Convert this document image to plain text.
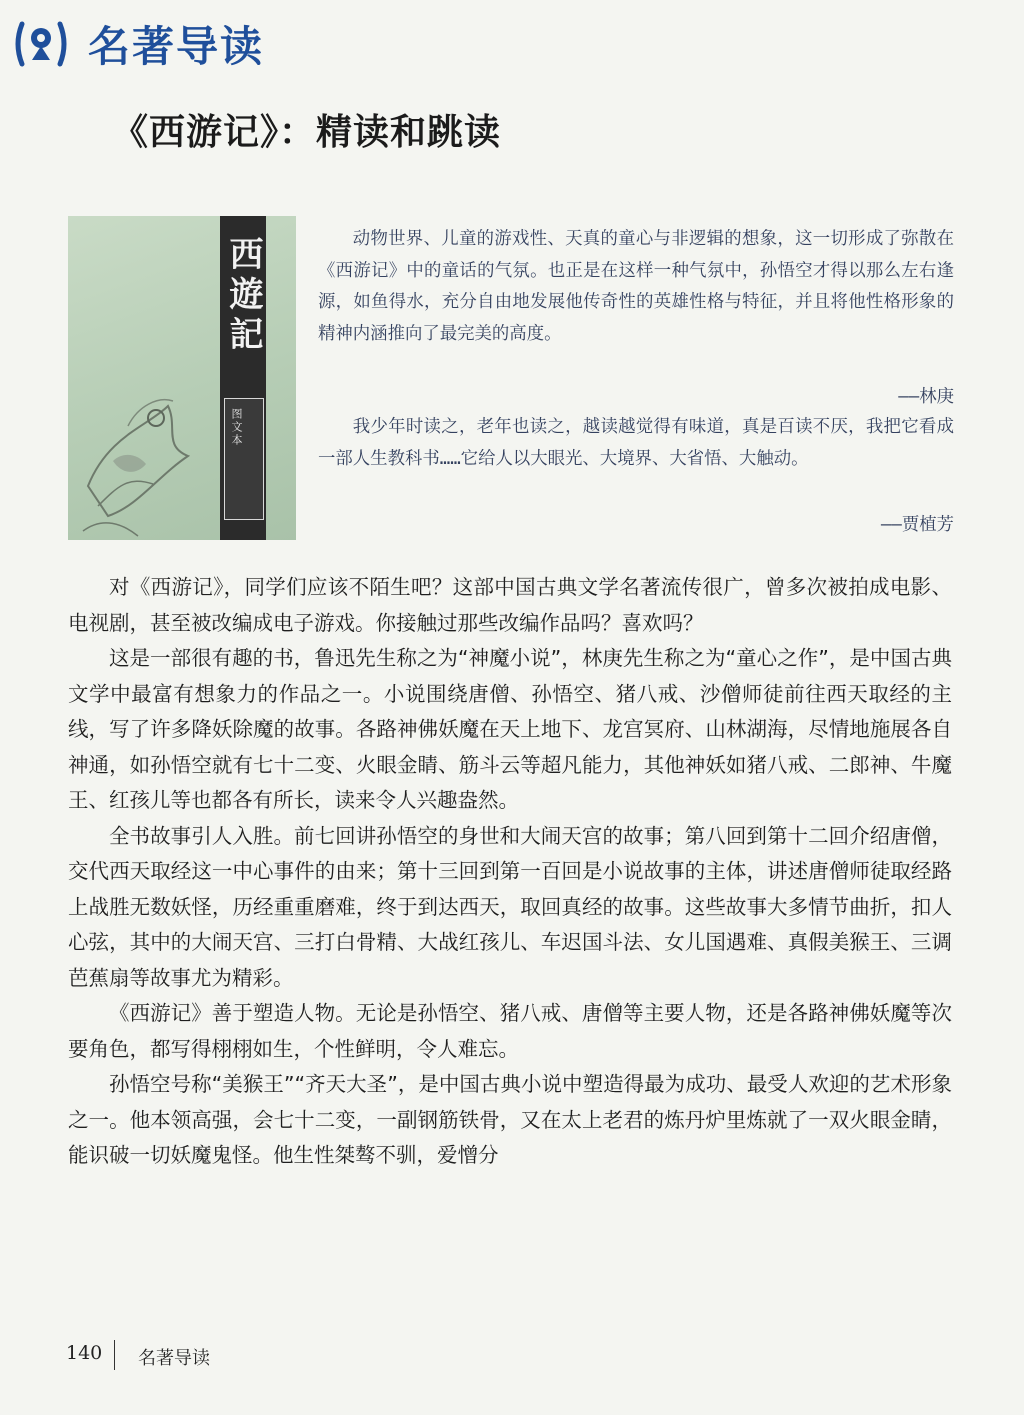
名著导读
《西游记》：精读和跳读
西遊記
图文本

动物世界、儿童的游戏性、天真的童心与非逻辑的想象，这一切形成了弥散在《西游记》中的童话的气氛。也正是在这样一种气氛中，孙悟空才得以那么左右逢源，如鱼得水，充分自由地发展他传奇性的英雄性格与特征，并且将他性格形象的精神内涵推向了最完美的高度。

——林庚

我少年时读之，老年也读之，越读越觉得有味道，真是百读不厌，我把它看成一部人生教科书……它给人以大眼光、大境界、大省悟、大触动。

——贾植芳

对《西游记》，同学们应该不陌生吧？这部中国古典文学名著流传很广，曾多次被拍成电影、电视剧，甚至被改编成电子游戏。你接触过那些改编作品吗？喜欢吗？

这是一部很有趣的书，鲁迅先生称之为“神魔小说”，林庚先生称之为“童心之作”，是中国古典文学中最富有想象力的作品之一。小说围绕唐僧、孙悟空、猪八戒、沙僧师徒前往西天取经的主线，写了许多降妖除魔的故事。各路神佛妖魔在天上地下、龙宫冥府、山林湖海，尽情地施展各自神通，如孙悟空就有七十二变、火眼金睛、筋斗云等超凡能力，其他神妖如猪八戒、二郎神、牛魔王、红孩儿等也都各有所长，读来令人兴趣盎然。

全书故事引人入胜。前七回讲孙悟空的身世和大闹天宫的故事；第八回到第十二回介绍唐僧，交代西天取经这一中心事件的由来；第十三回到第一百回是小说故事的主体，讲述唐僧师徒取经路上战胜无数妖怪，历经重重磨难，终于到达西天，取回真经的故事。这些故事大多情节曲折，扣人心弦，其中的大闹天宫、三打白骨精、大战红孩儿、车迟国斗法、女儿国遇难、真假美猴王、三调芭蕉扇等故事尤为精彩。

《西游记》善于塑造人物。无论是孙悟空、猪八戒、唐僧等主要人物，还是各路神佛妖魔等次要角色，都写得栩栩如生，个性鲜明，令人难忘。

孙悟空号称“美猴王”“齐天大圣”，是中国古典小说中塑造得最为成功、最受人欢迎的艺术形象之一。他本领高强，会七十二变，一副钢筋铁骨，又在太上老君的炼丹炉里炼就了一双火眼金睛，能识破一切妖魔鬼怪。他生性桀骜不驯，爱憎分

140 名著导读
